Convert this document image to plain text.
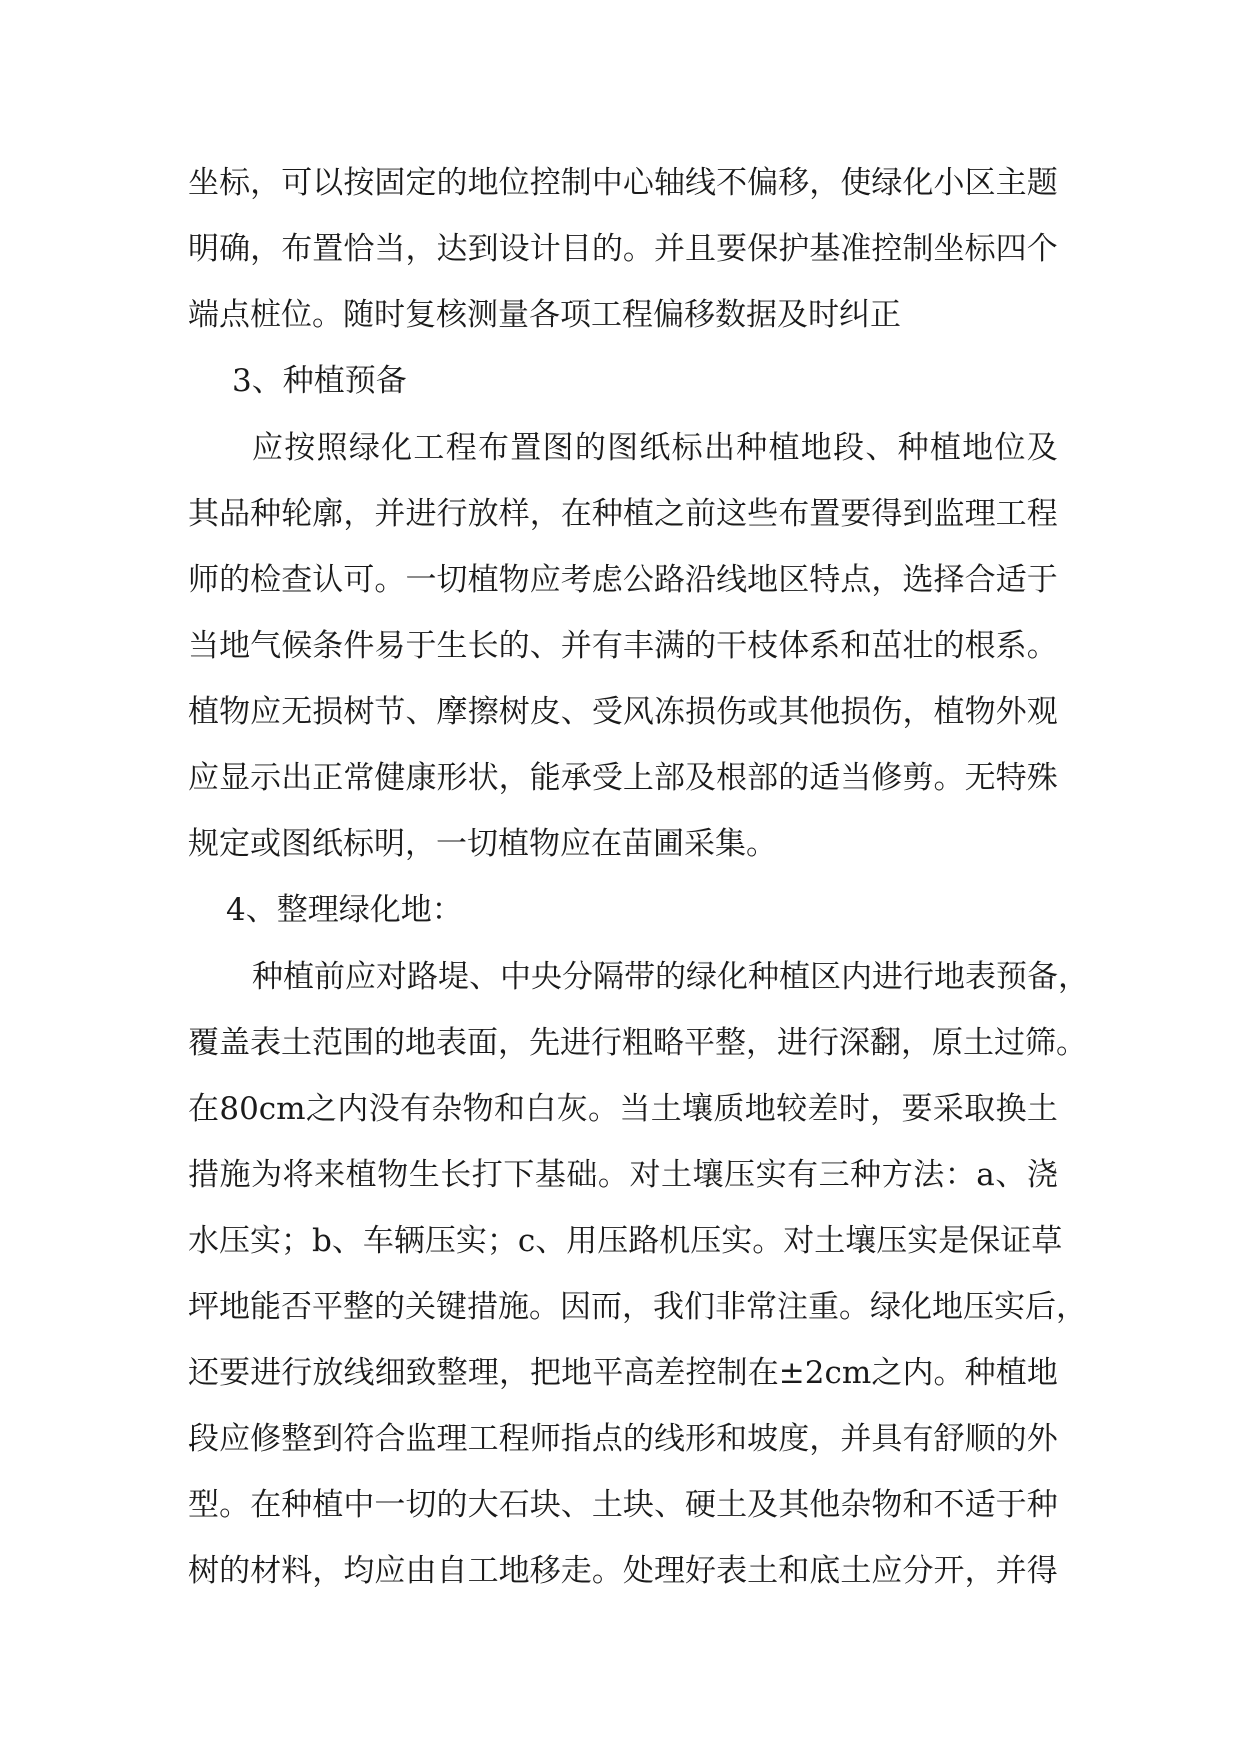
坐 标 ， 可 以 按 固 定 的 地 位 控 制 中 心 轴 线 不 偏 移 ， 使 绿 化 小 区 主 题
明 确 ， 布 置 恰 当 ， 达 到 设 计 目 的 。 并 且 要 保 护 基 准 控 制 坐 标 四 个
端点桩位。随时复核测量各项工程偏移数据及时纠正
3、种植预备
应 按 照 绿 化 工 程 布 置 图 的 图 纸 标 出 种 植 地 段 、 种 植 地 位 及
其 品 种 轮 廓 ， 并 进 行 放 样 ， 在 种 植 之 前 这 些 布 置 要 得 到 监 理 工 程
师 的 检 查 认 可 。 一 切 植 物 应 考 虑 公 路 沿 线 地 区 特 点 ， 选 择 合 适 于
当 地 气 候 条 件 易 于 生 长 的 、 并 有 丰 满 的 干 枝 体 系 和 茁 壮 的 根 系 。
植 物 应 无 损 树 节 、 摩 擦 树 皮 、 受 风 冻 损 伤 或 其 他 损 伤 ， 植 物 外 观
应 显 示 出 正 常 健 康 形 状 ， 能 承 受 上 部 及 根 部 的 适 当 修 剪 。 无 特 殊
规定或图纸标明，一切植物应在苗圃采集。
4、整理绿化地：
种 植 前 应 对 路 堤 、 中 央 分 隔 带 的 绿 化 种 植 区 内 进 行 地 表 预 备 ，
覆 盖 表 土 范 围 的 地 表 面 ， 先 进 行 粗 略 平 整 ， 进 行 深 翻 ， 原 土 过 筛 。
在 80cm 之 内 没 有 杂 物 和 白 灰 。 当 土 壤 质 地 较 差 时 ， 要 采 取 换 土
措 施 为 将 来 植 物 生 长 打 下 基 础 。 对 土 壤 压 实 有 三 种 方 法 ： a 、 浇
水 压 实 ； b 、 车 辆 压 实 ； c 、 用 压 路 机 压 实 。 对 土 壤 压 实 是 保 证 草
坪 地 能 否 平 整 的 关 键 措 施 。 因 而 ， 我 们 非 常 注 重 。 绿 化 地 压 实 后 ，
还 要 进 行 放 线 细 致 整 理 ， 把 地 平 高 差 控 制 在 ±2cm 之 内 。 种 植 地
段 应 修 整 到 符 合 监 理 工 程 师 指 点 的 线 形 和 坡 度 ， 并 具 有 舒 顺 的 外
型 。 在 种 植 中 一 切 的 大 石 块 、 土 块 、 硬 土 及 其 他 杂 物 和 不 适 于 种
树 的 材 料 ， 均 应 由 自 工 地 移 走 。 处 理 好 表 土 和 底 土 应 分 开 ， 并 得
